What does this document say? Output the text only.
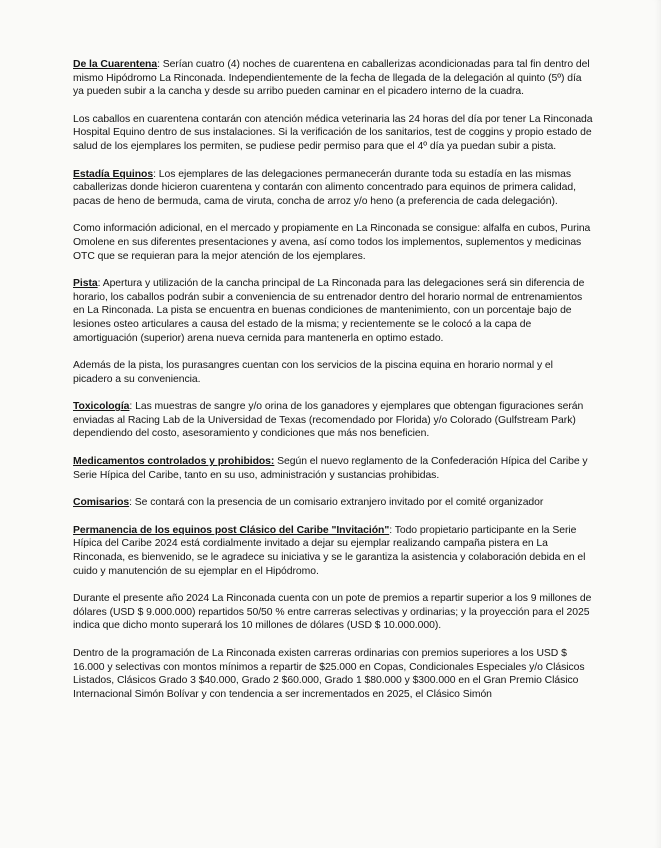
De la Cuarentena: Serían cuatro (4) noches de cuarentena en caballerizas acondicionadas para tal fin dentro del mismo Hipódromo La Rinconada. Independientemente de la fecha de llegada de la delegación al quinto (5º) día ya pueden subir a la cancha y desde su arribo pueden caminar en el picadero interno de la cuadra.

Los caballos en cuarentena contarán con atención médica veterinaria las 24 horas del día por tener La Rinconada Hospital Equino dentro de sus instalaciones. Si la verificación de los sanitarios, test de coggins y propio estado de salud de los ejemplares los permiten, se pudiese pedir permiso para que el 4º día ya puedan subir a pista.

Estadía Equinos: Los ejemplares de las delegaciones permanecerán durante toda su estadía en las mismas caballerizas donde hicieron cuarentena y contarán con alimento concentrado para equinos de primera calidad, pacas de heno de bermuda, cama de viruta, concha de arroz y/o heno (a preferencia de cada delegación).

Como información adicional, en el mercado y propiamente en La Rinconada se consigue: alfalfa en cubos, Purina Omolene en sus diferentes presentaciones y avena, así como todos los implementos, suplementos y medicinas OTC que se requieran para la mejor atención de los ejemplares.

Pista: Apertura y utilización de la cancha principal de La Rinconada para las delegaciones será sin diferencia de horario, los caballos podrán subir a conveniencia de su entrenador dentro del horario normal de entrenamientos en La Rinconada. La pista se encuentra en buenas condiciones de mantenimiento, con un porcentaje bajo de lesiones osteo articulares a causa del estado de la misma; y recientemente se le colocó a la capa de amortiguación (superior) arena nueva cernida para mantenerla en optimo estado.

Además de la pista, los purasangres cuentan con los servicios de la piscina equina en horario normal y el picadero a su conveniencia.

Toxicología: Las muestras de sangre y/o orina de los ganadores y ejemplares que obtengan figuraciones serán enviadas al Racing Lab de la Universidad de Texas (recomendado por Florida) y/o Colorado (Gulfstream Park) dependiendo del costo, asesoramiento y condiciones que más nos beneficien.

Medicamentos controlados y prohibidos: Según el nuevo reglamento de la Confederación Hípica del Caribe y Serie Hípica del Caribe, tanto en su uso, administración y sustancias prohibidas.

Comisarios: Se contará con la presencia de un comisario extranjero invitado por el comité organizador

Permanencia de los equinos post Clásico del Caribe "Invitación": Todo propietario participante en la Serie Hípica del Caribe 2024 está cordialmente invitado a dejar su ejemplar realizando campaña pistera en La Rinconada, es bienvenido, se le agradece su iniciativa y se le garantiza la asistencia y colaboración debida en el cuido y manutención de su ejemplar en el Hipódromo.

Durante el presente año 2024 La Rinconada cuenta con un pote de premios a repartir superior a los 9 millones de dólares (USD $ 9.000.000) repartidos 50/50 % entre carreras selectivas y ordinarias; y la proyección para el 2025 indica que dicho monto superará los 10 millones de dólares (USD $ 10.000.000).

Dentro de la programación de La Rinconada existen carreras ordinarias con premios superiores a los USD $ 16.000 y selectivas con montos mínimos a repartir de $25.000 en Copas, Condicionales Especiales y/o Clásicos Listados, Clásicos Grado 3 $40.000, Grado 2 $60.000, Grado 1 $80.000 y $300.000 en el Gran Premio Clásico Internacional Simón Bolívar y con tendencia a ser incrementados en 2025, el Clásico Simón
